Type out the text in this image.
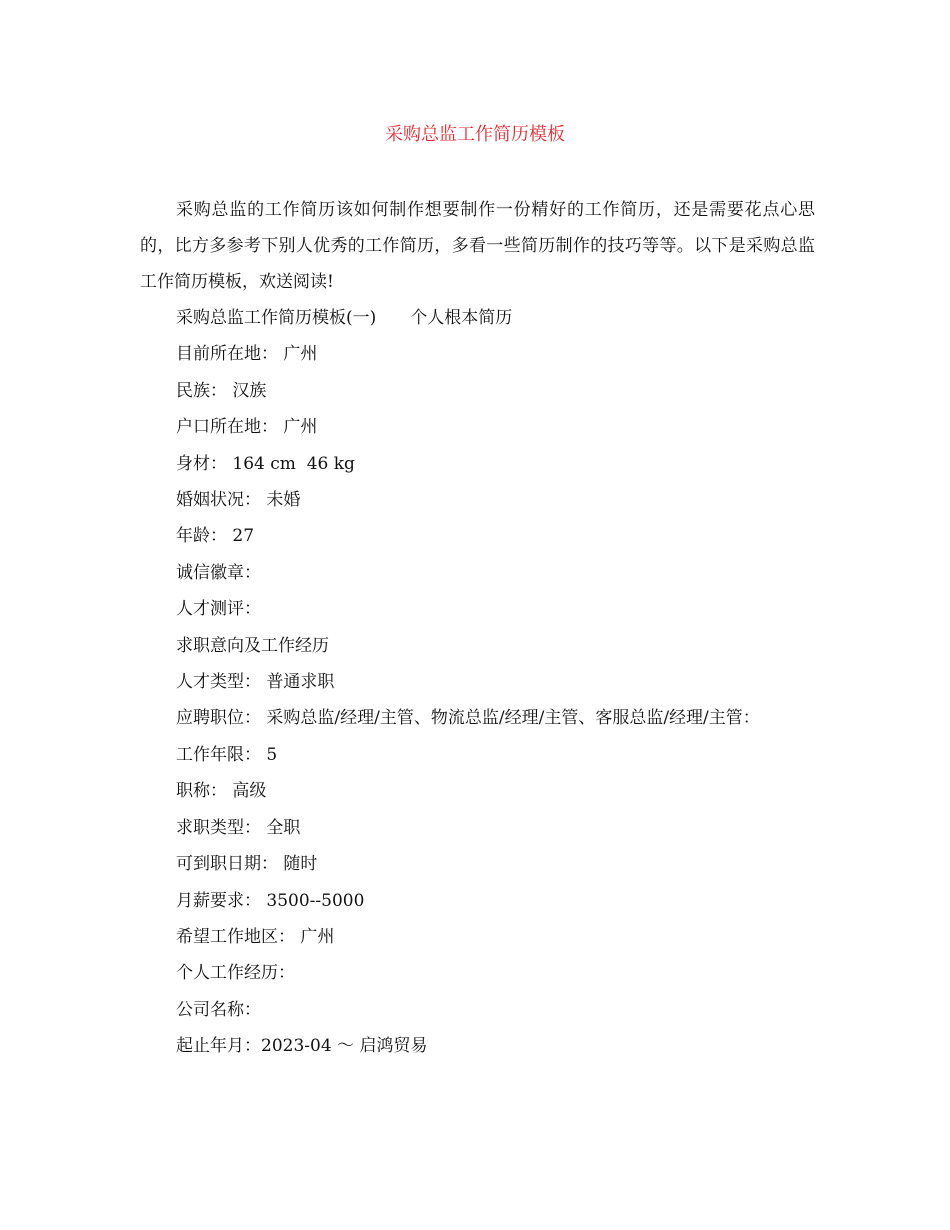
采购总监工作简历模板

采购总监的工作简历该如何制作想要制作一份精好的工作简历，还是需要花点心思的，比方多参考下别人优秀的工作简历，多看一些简历制作的技巧等等。以下是采购总监工作简历模板，欢送阅读!

采购总监工作简历模板(一)　　个人根本简历
目前所在地： 广州
民族： 汉族
户口所在地： 广州
身材： 164 cm  46 kg
婚姻状况： 未婚
年龄： 27
诚信徽章：
人才测评：
求职意向及工作经历
人才类型： 普通求职
应聘职位： 采购总监/经理/主管、物流总监/经理/主管、客服总监/经理/主管：
工作年限： 5
职称： 高级
求职类型： 全职
可到职日期： 随时
月薪要求： 3500--5000
希望工作地区： 广州
个人工作经历：
公司名称：
起止年月：2023-04 ～ 启鸿贸易
